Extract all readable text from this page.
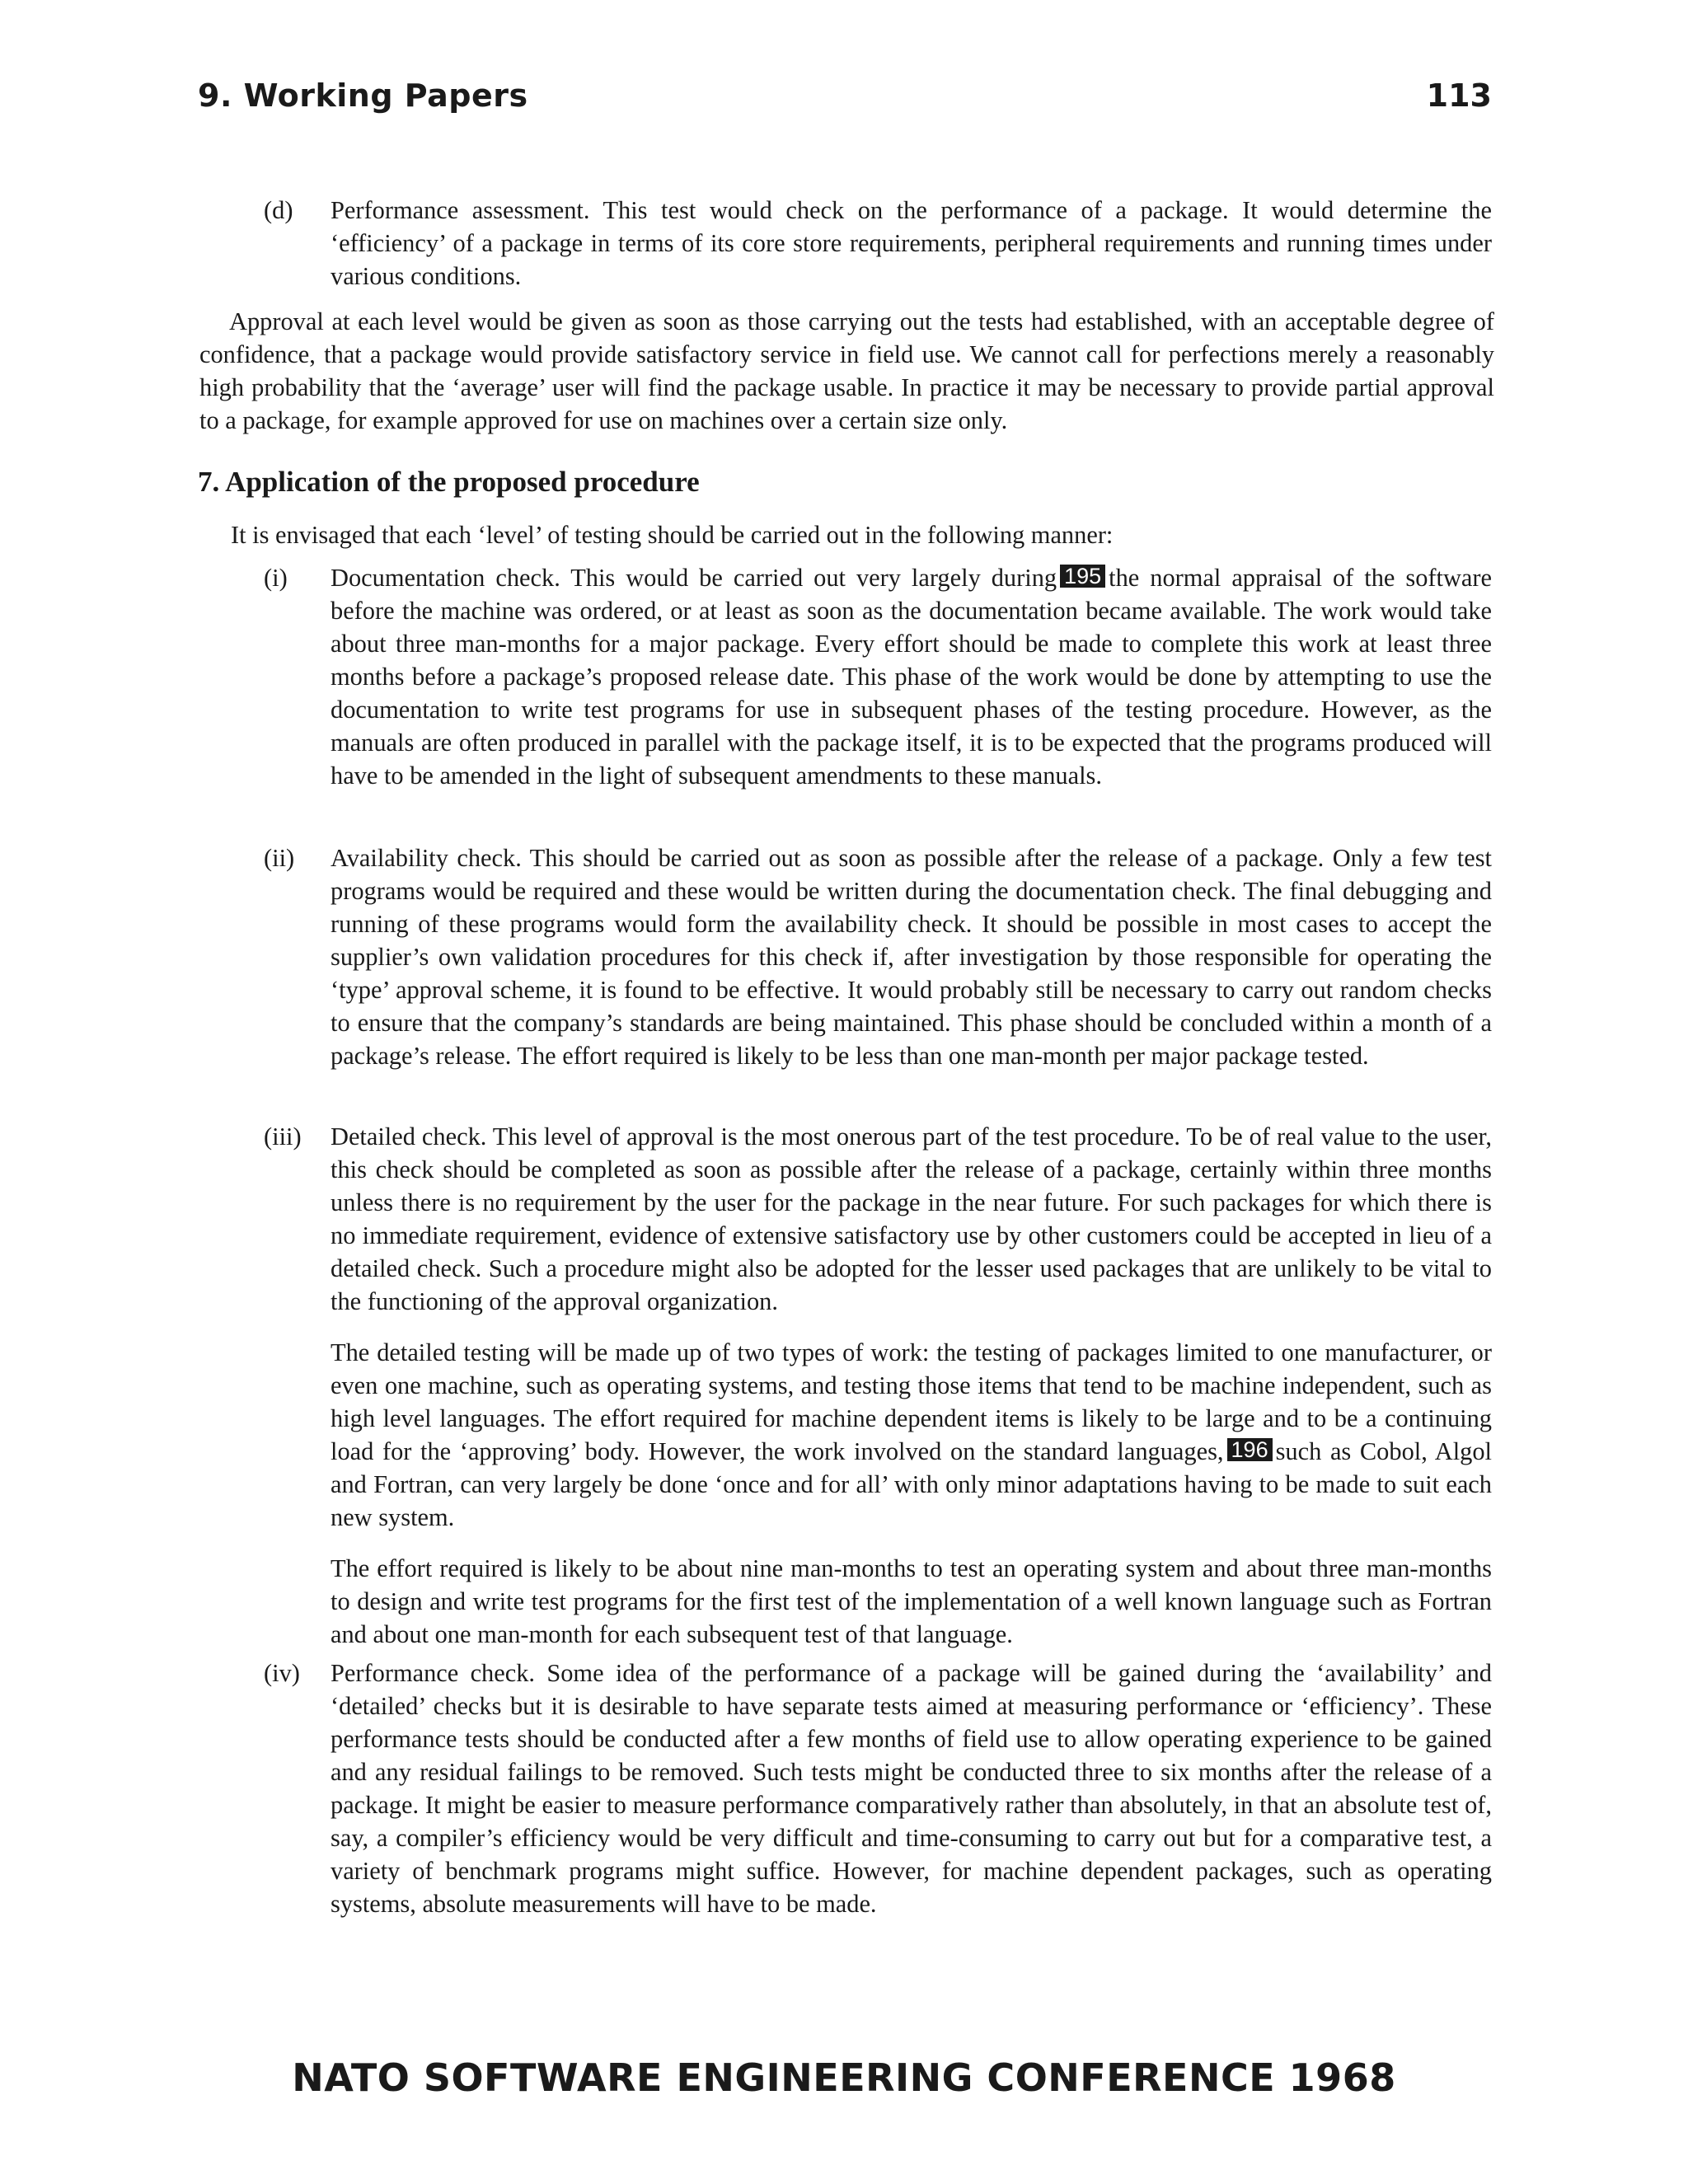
9. Working Papers	113
(d)	Performance assessment. This test would check on the performance of a package. It would determine the ‘efficiency’ of a package in terms of its core store requirements, peripheral requirements and running times under various conditions.

Approval at each level would be given as soon as those carrying out the tests had established, with an acceptable degree of confidence, that a package would provide satisfactory service in field use. We cannot call for perfections merely a reasonably high probability that the ‘average’ user will find the package usable. In practice it may be necessary to provide partial approval to a package, for example approved for use on machines over a certain size only.

7. Application of the proposed procedure

It is envisaged that each ‘level’ of testing should be carried out in the following manner:

(i)	Documentation check. This would be carried out very largely during 195 the normal appraisal of the software before the machine was ordered, or at least as soon as the documentation became available. The work would take about three man-months for a major package. Every effort should be made to complete this work at least three months before a package’s proposed release date. This phase of the work would be done by attempting to use the documentation to write test programs for use in subsequent phases of the testing procedure. However, as the manuals are often produced in parallel with the package itself, it is to be expected that the programs produced will have to be amended in the light of subsequent amendments to these manuals.

(ii)	Availability check. This should be carried out as soon as possible after the release of a package. Only a few test programs would be required and these would be written during the documentation check. The final debugging and running of these programs would form the availability check. It should be possible in most cases to accept the supplier’s own validation procedures for this check if, after investigation by those responsible for operating the ‘type’ approval scheme, it is found to be effective. It would probably still be necessary to carry out random checks to ensure that the company’s standards are being maintained. This phase should be concluded within a month of a package’s release. The effort required is likely to be less than one man-month per major package tested.

(iii)	Detailed check. This level of approval is the most onerous part of the test procedure. To be of real value to the user, this check should be completed as soon as possible after the release of a package, certainly within three months unless there is no requirement by the user for the package in the near future. For such packages for which there is no immediate requirement, evidence of extensive satisfactory use by other customers could be accepted in lieu of a detailed check. Such a procedure might also be adopted for the lesser used packages that are unlikely to be vital to the functioning of the approval organization.

The detailed testing will be made up of two types of work: the testing of packages limited to one manufacturer, or even one machine, such as operating systems, and testing those items that tend to be machine independent, such as high level languages. The effort required for machine dependent items is likely to be large and to be a continuing load for the ‘approving’ body. However, the work involved on the standard languages, 196 such as Cobol, Algol and Fortran, can very largely be done ‘once and for all’ with only minor adaptations having to be made to suit each new system.

The effort required is likely to be about nine man-months to test an operating system and about three man-months to design and write test programs for the first test of the implementation of a well known language such as Fortran and about one man-month for each subsequent test of that language.

(iv)	Performance check. Some idea of the performance of a package will be gained during the ‘availability’ and ‘detailed’ checks but it is desirable to have separate tests aimed at measuring performance or ‘efficiency’. These performance tests should be conducted after a few months of field use to allow operating experience to be gained and any residual failings to be removed. Such tests might be conducted three to six months after the release of a package. It might be easier to measure performance comparatively rather than absolutely, in that an absolute test of, say, a compiler’s efficiency would be very difficult and time-consuming to carry out but for a comparative test, a variety of benchmark programs might suffice. However, for machine dependent packages, such as operating systems, absolute measurements will have to be made.

NATO SOFTWARE ENGINEERING CONFERENCE 1968
